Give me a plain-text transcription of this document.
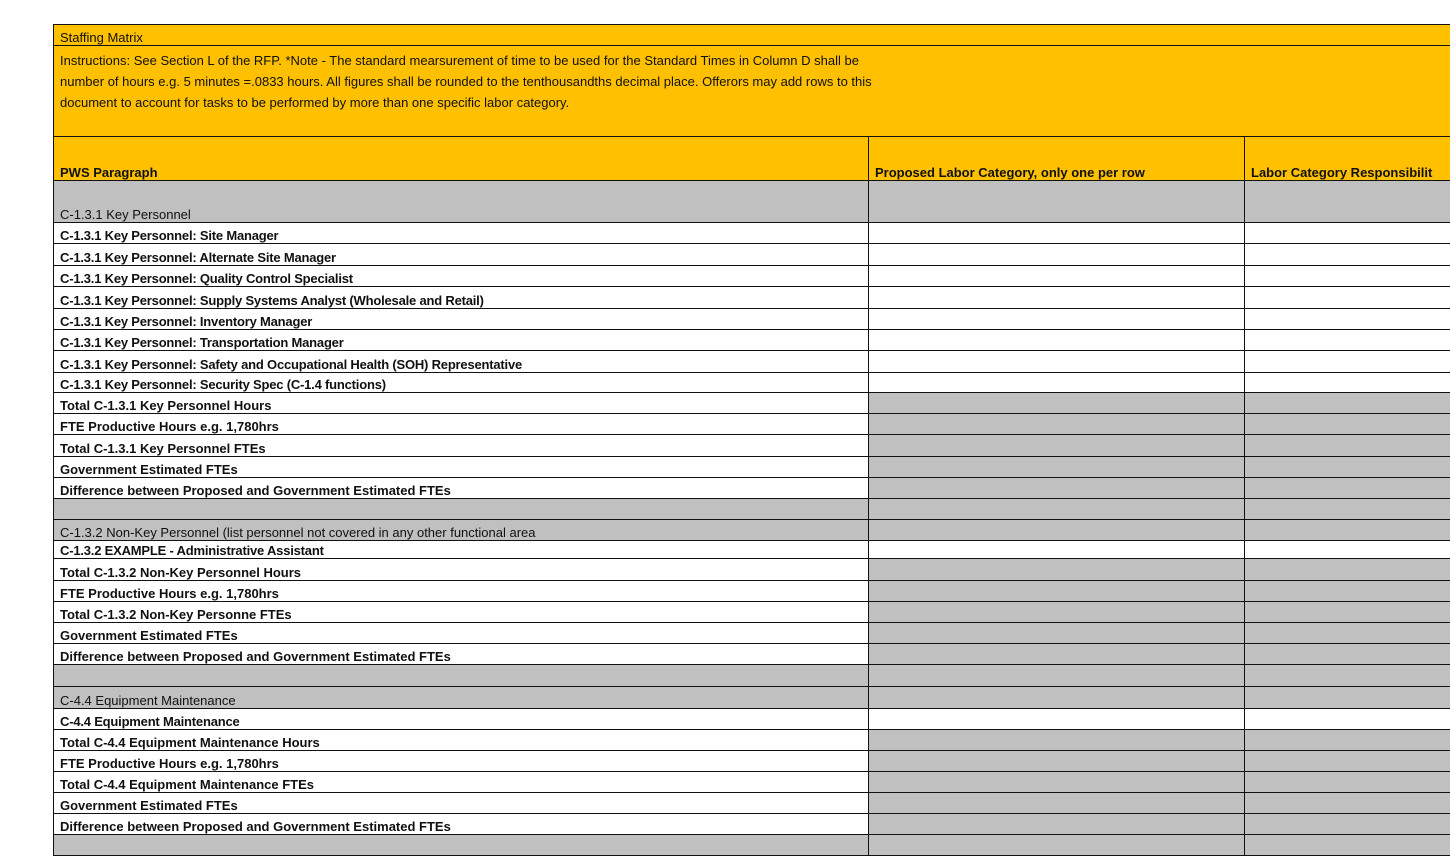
Staffing Matrix		

Instructions: See Section L of the RFP. *Note - The standard mearsurement of time to be used for the Standard Times in Column D shall be number of hours e.g. 5 minutes =.0833 hours. All figures shall be rounded to the tenthousandths decimal place. Offerors may add rows to this document to account for tasks to be performed by more than one specific labor category.		

PWS Paragraph	Proposed Labor Category, only one per row	Labor Category Responsibilit
C-1.3.1 Key Personnel		
C-1.3.1 Key Personnel: Site Manager		
C-1.3.1 Key Personnel: Alternate Site Manager		
C-1.3.1 Key Personnel: Quality Control Specialist		
C-1.3.1 Key Personnel: Supply Systems Analyst (Wholesale and Retail)		
C-1.3.1 Key Personnel: Inventory Manager		
C-1.3.1 Key Personnel: Transportation Manager		
C-1.3.1 Key Personnel: Safety and Occupational Health (SOH) Representative		
C-1.3.1 Key Personnel: Security Spec (C-1.4 functions)		
Total C-1.3.1 Key Personnel Hours		
FTE Productive Hours e.g. 1,780hrs		
Total C-1.3.1 Key Personnel FTEs		
Government Estimated FTEs		
Difference between Proposed and Government Estimated FTEs		

C-1.3.2 Non-Key Personnel (list personnel not covered in any other functional area		
C-1.3.2 EXAMPLE - Administrative Assistant		
Total C-1.3.2 Non-Key Personnel Hours		
FTE Productive Hours e.g. 1,780hrs		
Total C-1.3.2 Non-Key Personne FTEs		
Government Estimated FTEs		
Difference between Proposed and Government Estimated FTEs		

C-4.4 Equipment Maintenance		
C-4.4 Equipment Maintenance		
Total C-4.4 Equipment Maintenance Hours		
FTE Productive Hours e.g. 1,780hrs		
Total C-4.4 Equipment Maintenance FTEs		
Government Estimated FTEs		
Difference between Proposed and Government Estimated FTEs		
